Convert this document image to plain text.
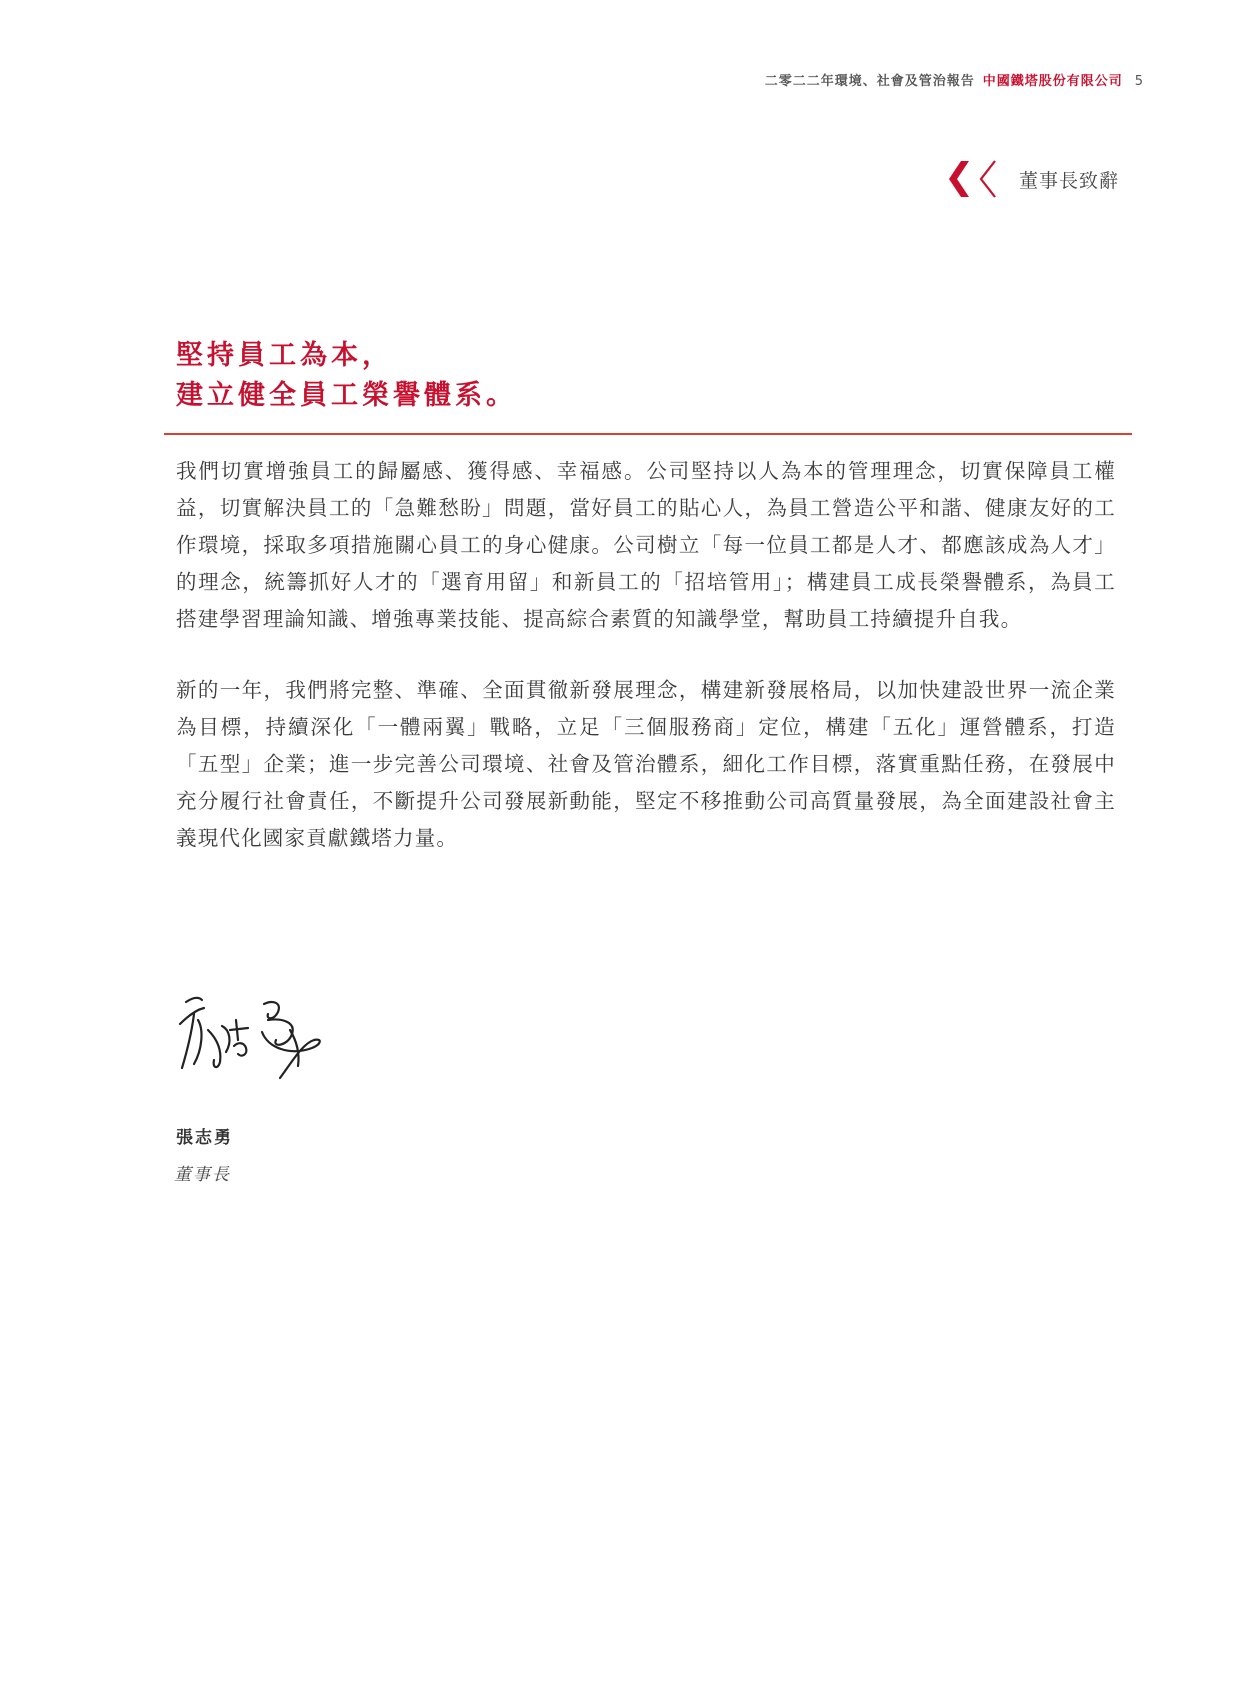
二零二二年環境、社會及管治報告 中國鐵塔股份有限公司 5
董事長致辭
堅持員工為本，
建立健全員工榮譽體系。

我們切實增強員工的歸屬感、獲得感、幸福感。公司堅持以人為本的管理理念，切實保障員工權益，切實解決員工的「急難愁盼」問題，當好員工的貼心人，為員工營造公平和諧、健康友好的工作環境，採取多項措施關心員工的身心健康。公司樹立「每一位員工都是人才、都應該成為人才」的理念，統籌抓好人才的「選育用留」和新員工的「招培管用」；構建員工成長榮譽體系，為員工搭建學習理論知識、增強專業技能、提高綜合素質的知識學堂，幫助員工持續提升自我。

新的一年，我們將完整、準確、全面貫徹新發展理念，構建新發展格局，以加快建設世界一流企業為目標，持續深化「一體兩翼」戰略，立足「三個服務商」定位，構建「五化」運營體系，打造「五型」企業；進一步完善公司環境、社會及管治體系，細化工作目標，落實重點任務，在發展中充分履行社會責任，不斷提升公司發展新動能，堅定不移推動公司高質量發展，為全面建設社會主義現代化國家貢獻鐵塔力量。

張志勇
董事長
